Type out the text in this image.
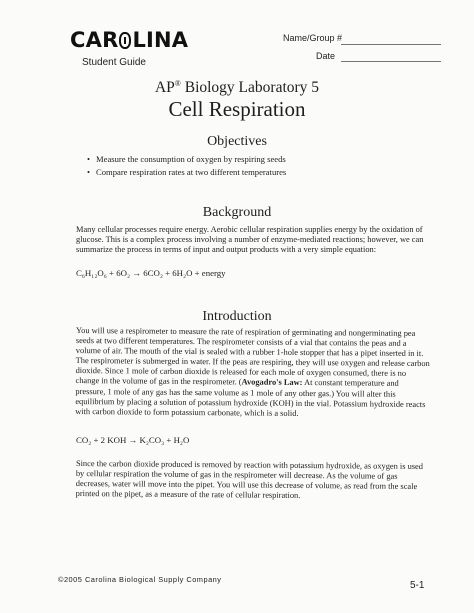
CAR LINA
Student Guide
Name/Group #
Date
AP® Biology Laboratory 5
Cell Respiration
Objectives
• Measure the consumption of oxygen by respiring seeds
• Compare respiration rates at two different temperatures
Background
Many cellular processes require energy. Aerobic cellular respiration supplies energy by the oxidation of
glucose. This is a complex process involving a number of enzyme-mediated reactions; however, we can
summarize the process in terms of input and output products with a very simple equation:
C₆H₁₂O₆ + 6O₂ → 6CO₂ + 6H₂O + energy
Introduction
You will use a respirometer to measure the rate of respiration of germinating and nongerminating pea
seeds at two different temperatures. The respirometer consists of a vial that contains the peas and a
volume of air. The mouth of the vial is sealed with a rubber 1-hole stopper that has a pipet inserted in it.
The respirometer is submerged in water. If the peas are respiring, they will use oxygen and release carbon
dioxide. Since 1 mole of carbon dioxide is released for each mole of oxygen consumed, there is no
change in the volume of gas in the respirometer. (Avogadro's Law: At constant temperature and
pressure, 1 mole of any gas has the same volume as 1 mole of any other gas.) You will alter this
equilibrium by placing a solution of potassium hydroxide (KOH) in the vial. Potassium hydroxide reacts
with carbon dioxide to form potassium carbonate, which is a solid.
CO₂ + 2 KOH → K₂CO₃ + H₂O
Since the carbon dioxide produced is removed by reaction with potassium hydroxide, as oxygen is used
by cellular respiration the volume of gas in the respirometer will decrease. As the volume of gas
decreases, water will move into the pipet. You will use this decrease of volume, as read from the scale
printed on the pipet, as a measure of the rate of cellular respiration.
©2005 Carolina Biological Supply Company
5-1
